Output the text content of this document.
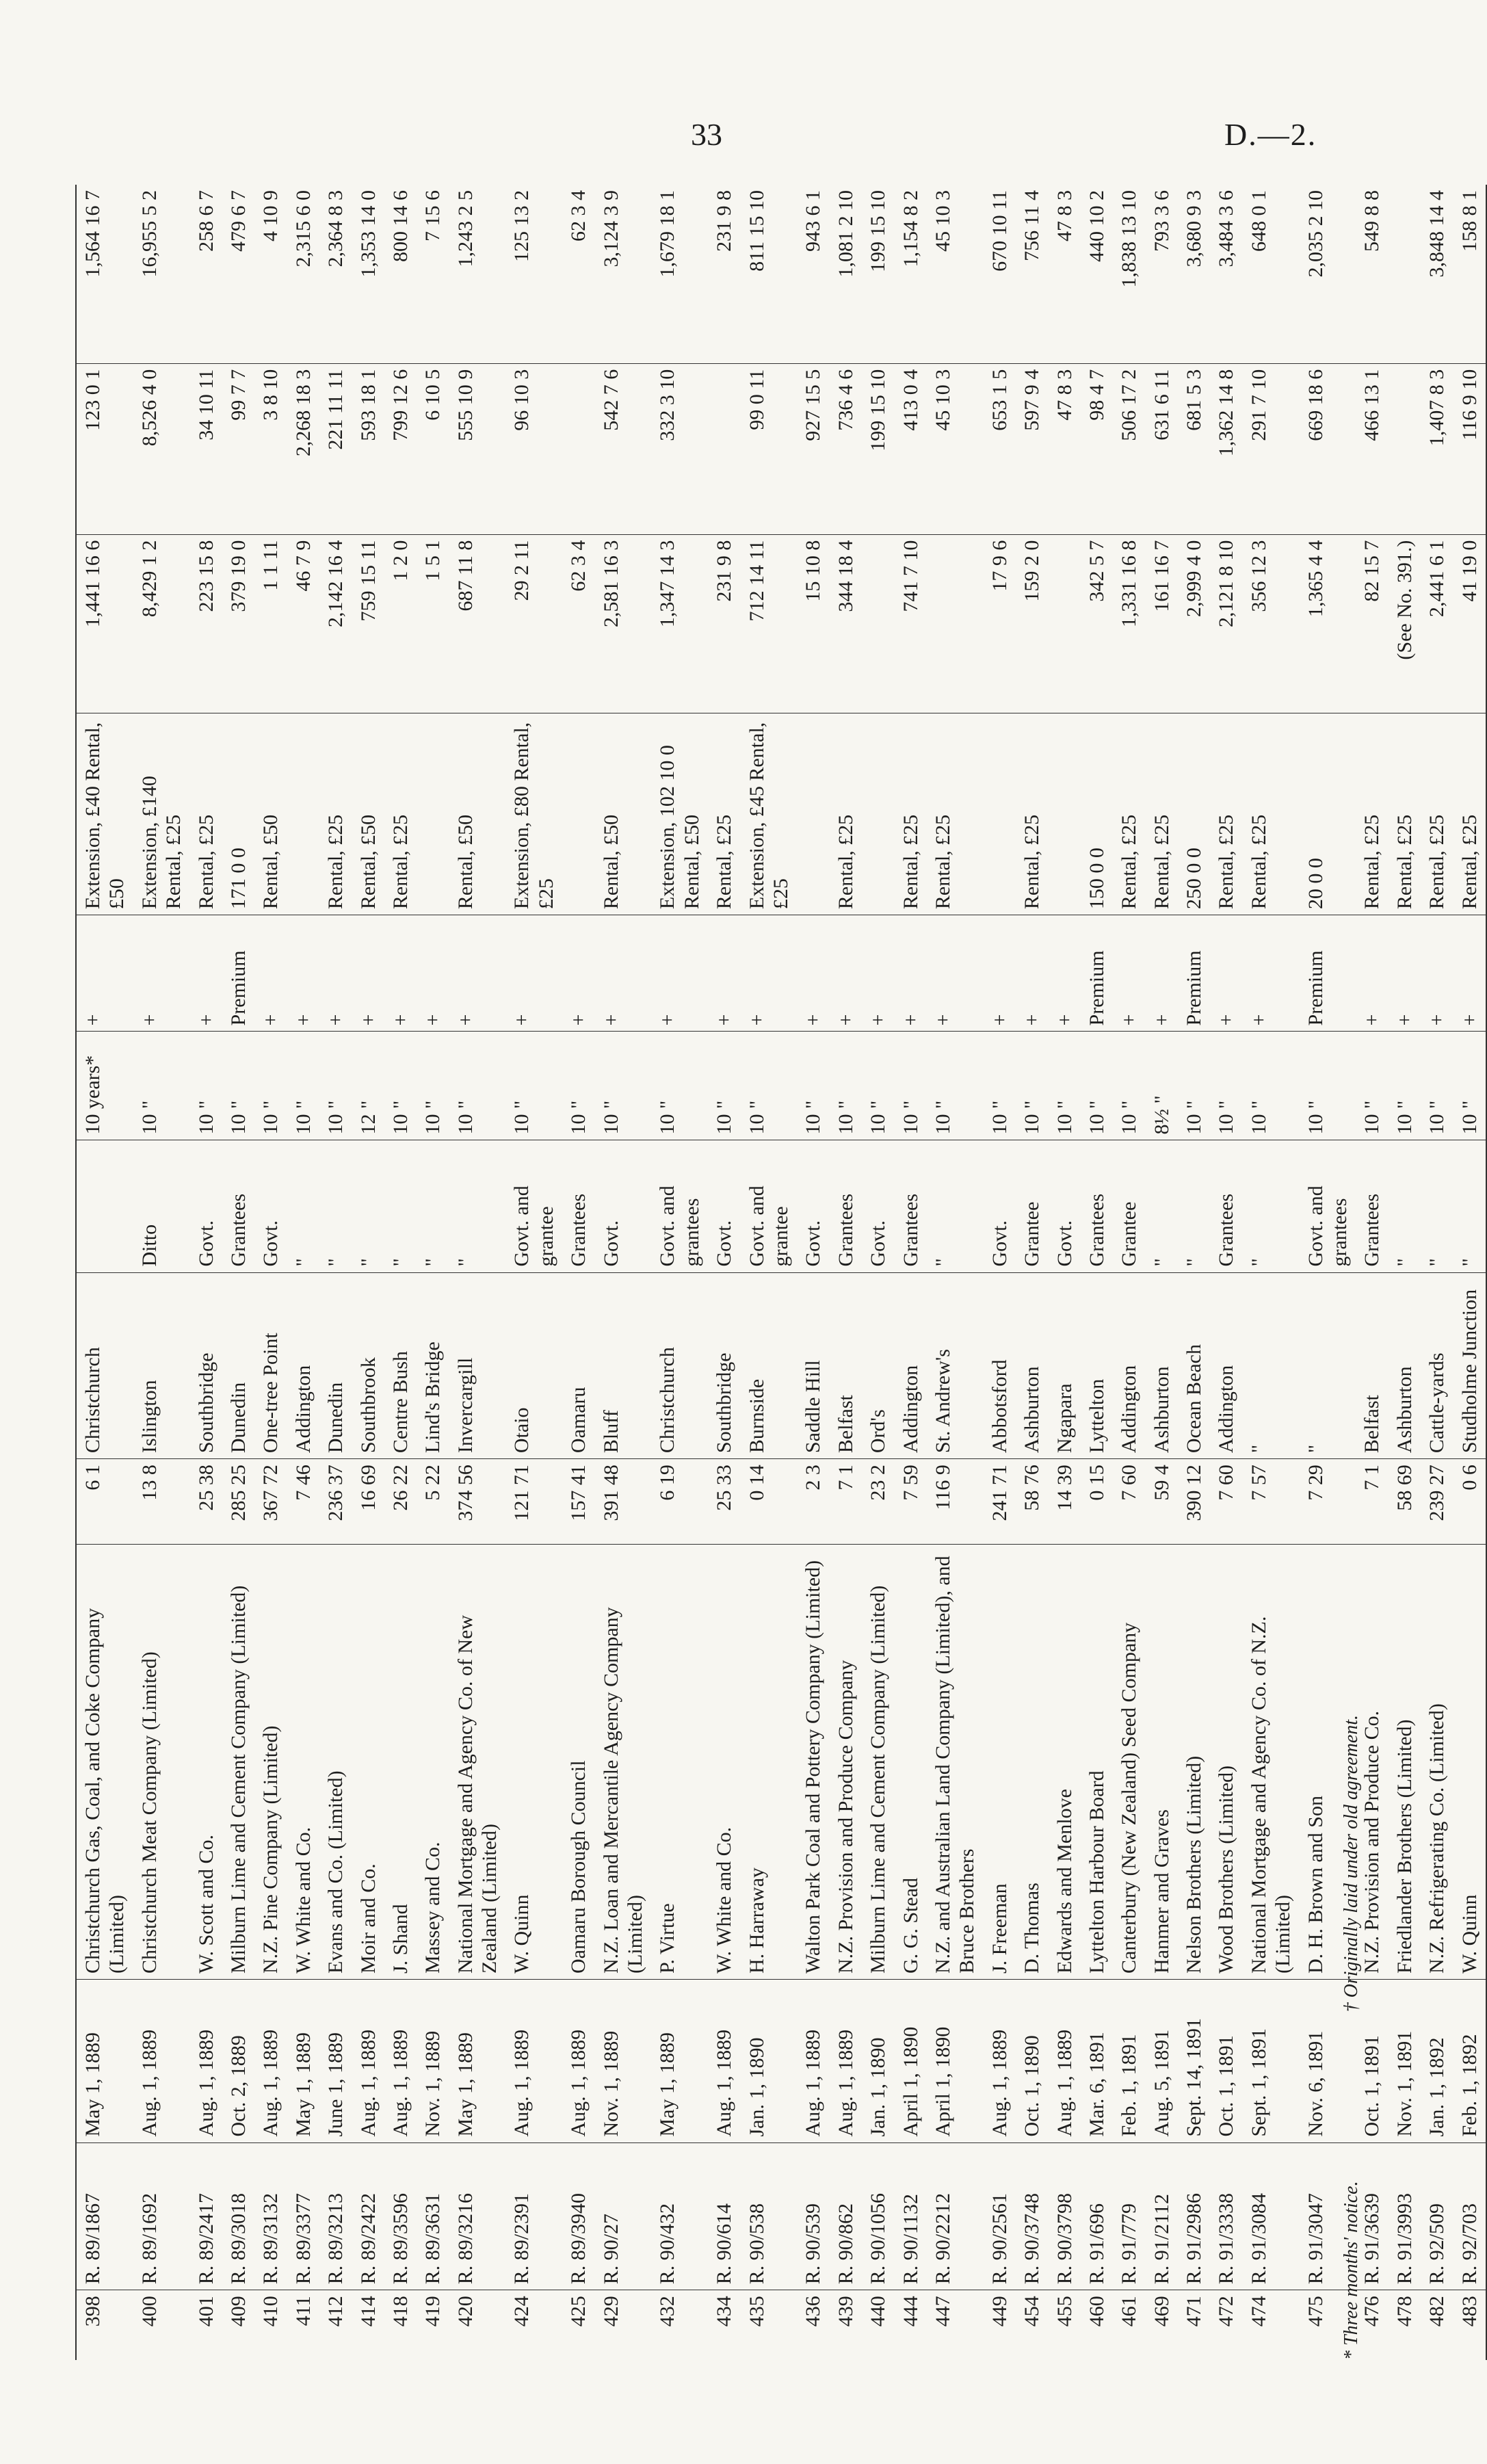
33	D.—2.
398	R. 89/1867	May 1, 1889	Christchurch Gas, Coal, and Coke Company (Limited)	6 1	Christchurch		10 years*	+	Extension, £40 Rental, £50	1,441 16 6	123 0 1	1,564 16 7
400	R. 89/1692	Aug. 1, 1889	Christchurch Meat Company (Limited)	13 8	Islington	Ditto	10 "	+	Extension, £140 Rental, £25	8,429 1 2	8,526 4 0	16,955 5 2
401	R. 89/2417	Aug. 1, 1889	W. Scott and Co.	25 38	Southbridge	Govt.	10 "	+	Rental, £25	223 15 8	34 10 11	258 6 7
409	R. 89/3018	Oct. 2, 1889	Milburn Lime and Cement Company (Limited)	285 25	Dunedin	Grantees	10 "	Premium	171 0 0	379 19 0	99 7 7	479 6 7
410	R. 89/3132	Aug. 1, 1889	N.Z. Pine Company (Limited)	367 72	One-tree Point	Govt.	10 "	+	Rental, £50	1 1 11	3 8 10	4 10 9
411	R. 89/3377	May 1, 1889	W. White and Co.	7 46	Addington	"	10 "	+		46 7 9	2,268 18 3	2,315 6 0
412	R. 89/3213	June 1, 1889	Evans and Co. (Limited)	236 37	Dunedin	"	10 "	+	Rental, £25	2,142 16 4	221 11 11	2,364 8 3
414	R. 89/2422	Aug. 1, 1889	Moir and Co.	16 69	Southbrook	"	12 "	+	Rental, £50	759 15 11	593 18 1	1,353 14 0
418	R. 89/3596	Aug. 1, 1889	J. Shand	26 22	Centre Bush	"	10 "	+	Rental, £25	1 2 0	799 12 6	800 14 6
419	R. 89/3631	Nov. 1, 1889	Massey and Co.	5 22	Lind's Bridge	"	10 "	+		1 5 1	6 10 5	7 15 6
420	R. 89/3216	May 1, 1889	National Mortgage and Agency Co. of New Zealand (Limited)	374 56	Invercargill	"	10 "	+	Rental, £50	687 11 8	555 10 9	1,243 2 5
424	R. 89/2391	Aug. 1, 1889	W. Quinn	121 71	Otaio	Govt. and grantee	10 "	+	Extension, £80 Rental, £25	29 2 11	96 10 3	125 13 2
425	R. 89/3940	Aug. 1, 1889	Oamaru Borough Council	157 41	Oamaru	Grantees	10 "	+		62 3 4		62 3 4
429	R. 90/27	Nov. 1, 1889	N.Z. Loan and Mercantile Agency Company (Limited)	391 48	Bluff	Govt.	10 "	+	Rental, £50	2,581 16 3	542 7 6	3,124 3 9
432	R. 90/432	May 1, 1889	P. Virtue	6 19	Christchurch	Govt. and grantees	10 "	+	Extension, 102 10 0 Rental, £50	1,347 14 3	332 3 10	1,679 18 1
434	R. 90/614	Aug. 1, 1889	W. White and Co.	25 33	Southbridge	Govt.	10 "	+	Rental, £25	231 9 8		231 9 8
435	R. 90/538	Jan. 1, 1890	H. Harraway	0 14	Burnside	Govt. and grantee	10 "	+	Extension, £45 Rental, £25	712 14 11	99 0 11	811 15 10
436	R. 90/539	Aug. 1, 1889	Walton Park Coal and Pottery Company (Limited)	2 3	Saddle Hill	Govt.	10 "	+		15 10 8	927 15 5	943 6 1
439	R. 90/862	Aug. 1, 1889	N.Z. Provision and Produce Company	7 1	Belfast	Grantees	10 "	+	Rental, £25	344 18 4	736 4 6	1,081 2 10
440	R. 90/1056	Jan. 1, 1890	Milburn Lime and Cement Company (Limited)	23 2	Ord's	Govt.	10 "	+			199 15 10	199 15 10
444	R. 90/1132	April 1, 1890	G. G. Stead	7 59	Addington	Grantees	10 "	+	Rental, £25	741 7 10	413 0 4	1,154 8 2
447	R. 90/2212	April 1, 1890	N.Z. and Australian Land Company (Limited), and Bruce Brothers	116 9	St. Andrew's	"	10 "	+	Rental, £25		45 10 3	45 10 3
449	R. 90/2561	Aug. 1, 1889	J. Freeman	241 71	Abbotsford	Govt.	10 "	+		17 9 6	653 1 5	670 10 11
454	R. 90/3748	Oct. 1, 1890	D. Thomas	58 76	Ashburton	Grantee	10 "	+	Rental, £25	159 2 0	597 9 4	756 11 4
455	R. 90/3798	Aug. 1, 1889	Edwards and Menlove	14 39	Ngapara	Govt.	10 "	+			47 8 3	47 8 3
460	R. 91/696	Mar. 6, 1891	Lyttelton Harbour Board	0 15	Lyttelton	Grantees	10 "	Premium	150 0 0	342 5 7	98 4 7	440 10 2
461	R. 91/779	Feb. 1, 1891	Canterbury (New Zealand) Seed Company	7 60	Addington	Grantee	10 "	+	Rental, £25	1,331 16 8	506 17 2	1,838 13 10
469	R. 91/2112	Aug. 5, 1891	Hanmer and Graves	59 4	Ashburton	"	8½ "	+	Rental, £25	161 16 7	631 6 11	793 3 6
471	R. 91/2986	Sept. 14, 1891	Nelson Brothers (Limited)	390 12	Ocean Beach	"	10 "	Premium	250 0 0	2,999 4 0	681 5 3	3,680 9 3
472	R. 91/3338	Oct. 1, 1891	Wood Brothers (Limited)	7 60	Addington	Grantees	10 "	+	Rental, £25	2,121 8 10	1,362 14 8	3,484 3 6
474	R. 91/3084	Sept. 1, 1891	National Mortgage and Agency Co. of N.Z. (Limited)	7 57	"	"	10 "	+	Rental, £25	356 12 3	291 7 10	648 0 1
475	R. 91/3047	Nov. 6, 1891	D. H. Brown and Son	7 29	"	Govt. and grantees	10 "	Premium	20 0 0	1,365 4 4	669 18 6	2,035 2 10
476	R. 91/3639	Oct. 1, 1891	N.Z. Provision and Produce Co.	7 1	Belfast	Grantees	10 "	+	Rental, £25	82 15 7	466 13 1	549 8 8
478	R. 91/3993	Nov. 1, 1891	Friedlander Brothers (Limited)	58 69	Ashburton	"	10 "	+	Rental, £25	(See No. 391.)		
482	R. 92/509	Jan. 1, 1892	N.Z. Refrigerating Co. (Limited)	239 27	Cattle-yards	"	10 "	+	Rental, £25	2,441 6 1	1,407 8 3	3,848 14 4
483	R. 92/703	Feb. 1, 1892	W. Quinn	0 6	Studholme Junction	"	10 "	+	Rental, £25	41 19 0	116 9 10	158 8 1
* Three months' notice. † Originally laid under old agreement.
